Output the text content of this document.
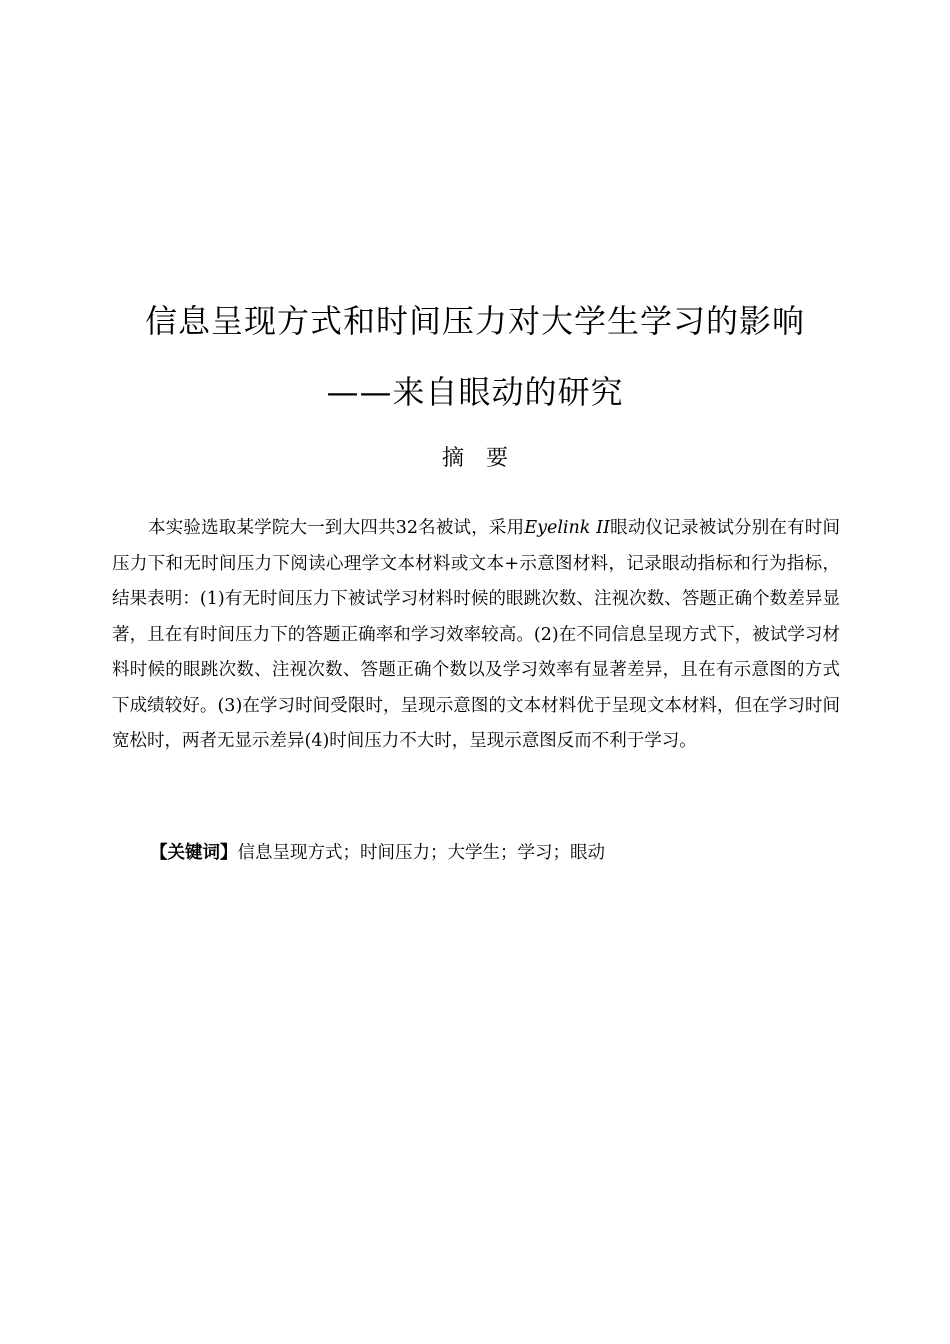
信息呈现方式和时间压力对大学生学习的影响
——来自眼动的研究
摘　要

本实验选取某学院大一到大四共32名被试，采用Eyelink II眼动仪记录被试分别在有时间压力下和无时间压力下阅读心理学文本材料或文本+示意图材料，记录眼动指标和行为指标，结果表明：(1)有无时间压力下被试学习材料时候的眼跳次数、注视次数、答题正确个数差异显著，且在有时间压力下的答题正确率和学习效率较高。(2)在不同信息呈现方式下，被试学习材料时候的眼跳次数、注视次数、答题正确个数以及学习效率有显著差异，且在有示意图的方式下成绩较好。(3)在学习时间受限时，呈现示意图的文本材料优于呈现文本材料，但在学习时间宽松时，两者无显示差异(4)时间压力不大时，呈现示意图反而不利于学习。

【关键词】信息呈现方式；时间压力；大学生；学习；眼动
